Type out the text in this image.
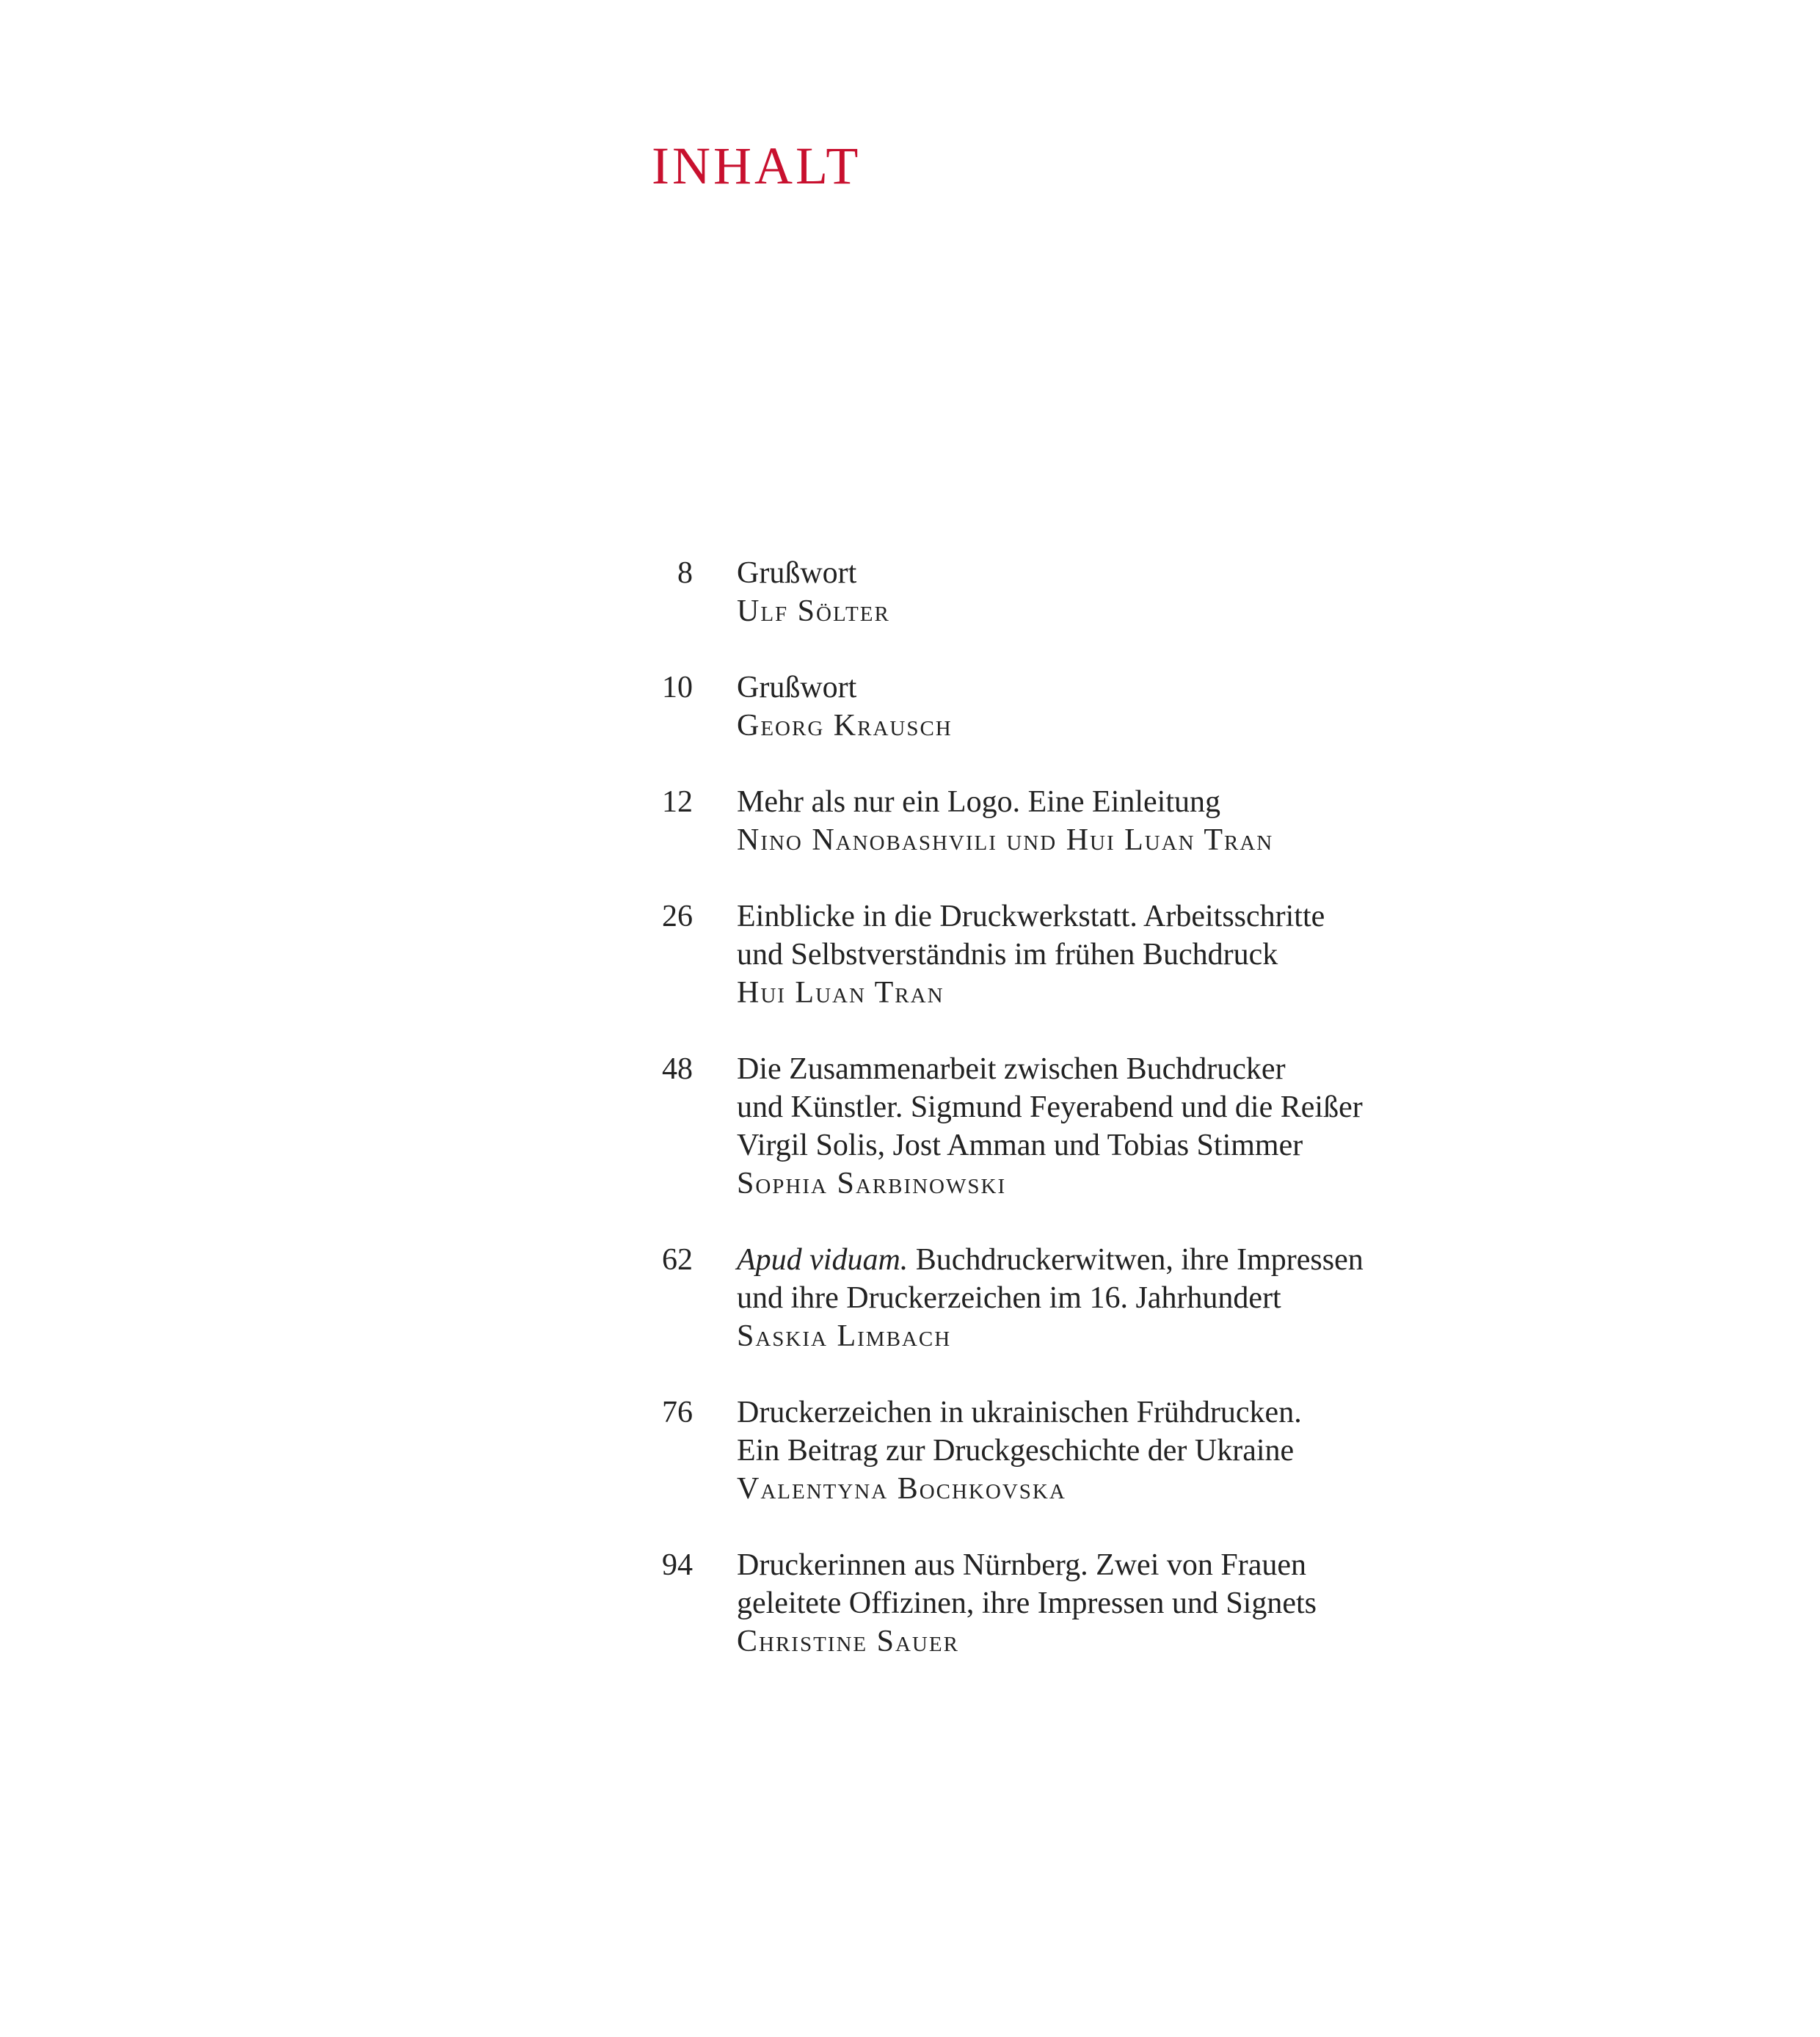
INHALT
8 Grußwort
Ulf Sölter
10 Grußwort
Georg Krausch
12 Mehr als nur ein Logo. Eine Einleitung
Nino Nanobashvili und Hui Luan Tran
26 Einblicke in die Druckwerkstatt. Arbeitsschritte
und Selbstverständnis im frühen Buchdruck
Hui Luan Tran
48 Die Zusammenarbeit zwischen Buchdrucker
und Künstler. Sigmund Feyerabend und die Reißer
Virgil Solis, Jost Amman und Tobias Stimmer
Sophia Sarbinowski
62 Apud viduam. Buchdruckerwitwen, ihre Impressen
und ihre Druckerzeichen im 16. Jahrhundert
Saskia Limbach
76 Druckerzeichen in ukrainischen Frühdrucken.
Ein Beitrag zur Druckgeschichte der Ukraine
Valentyna Bochkovska
94 Druckerinnen aus Nürnberg. Zwei von Frauen
geleitete Offizinen, ihre Impressen und Signets
Christine Sauer
